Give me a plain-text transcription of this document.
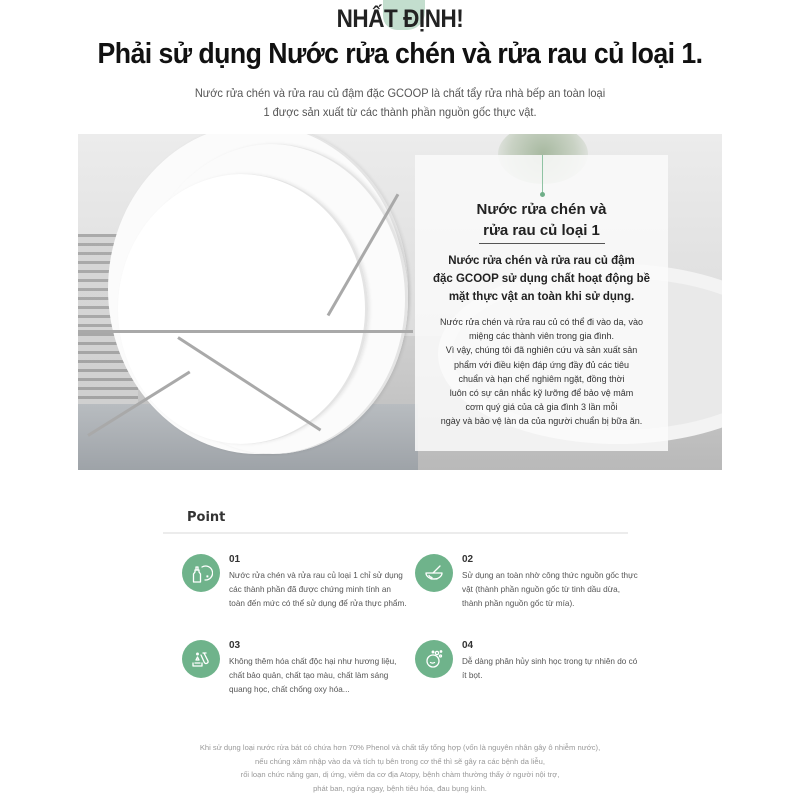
NHẤT ĐỊNH!
Phải sử dụng Nước rửa chén và rửa rau củ loại 1.
Nước rửa chén và rửa rau củ đậm đặc GCOOP là chất tẩy rửa nhà bếp an toàn loại
1 được sản xuất từ các thành phần nguồn gốc thực vật.
Nước rửa chén và
rửa rau củ loại 1
Nước rửa chén và rửa rau củ đậm
đặc GCOOP sử dụng chất hoạt động bề
mặt thực vật an toàn khi sử dụng.
Nước rửa chén và rửa rau củ có thể đi vào da, vào
miệng các thành viên trong gia đình.
Vì vậy, chúng tôi đã nghiên cứu và sản xuất sản
phẩm với điều kiện đáp ứng đầy đủ các tiêu
chuẩn và hạn chế nghiêm ngặt, đồng thời
luôn có sự cân nhắc kỹ lưỡng để bảo vệ mâm
cơm quý giá của cả gia đình 3 lần mỗi
ngày và bảo vệ làn da của người chuẩn bị bữa ăn.
Point
01
Nước rửa chén và rửa rau củ loại 1 chỉ sử dụng các thành phần đã được chứng minh tính an toàn đến mức có thể sử dụng để rửa thực phẩm.
02
Sử dụng an toàn nhờ công thức nguồn gốc thực vật (thành phần nguồn gốc từ tinh dầu dừa, thành phần nguồn gốc từ mía).
03
Không thêm hóa chất độc hại như hương liệu, chất bảo quản, chất tạo màu, chất làm sáng quang học, chất chống oxy hóa...
04
Dễ dàng phân hủy sinh học trong tự nhiên do có ít bọt.
Khi sử dụng loại nước rửa bát có chứa hơn 70% Phenol và chất tẩy tổng hợp (vốn là nguyên nhân gây ô nhiễm nước),
nếu chúng xâm nhập vào da và tích tụ bên trong cơ thể thì sẽ gây ra các bệnh da liễu,
rối loạn chức năng gan, dị ứng, viêm da cơ địa Atopy, bệnh chàm thường thấy ở người nội trợ,
phát ban, ngứa ngay, bệnh tiêu hóa, đau bụng kinh.
